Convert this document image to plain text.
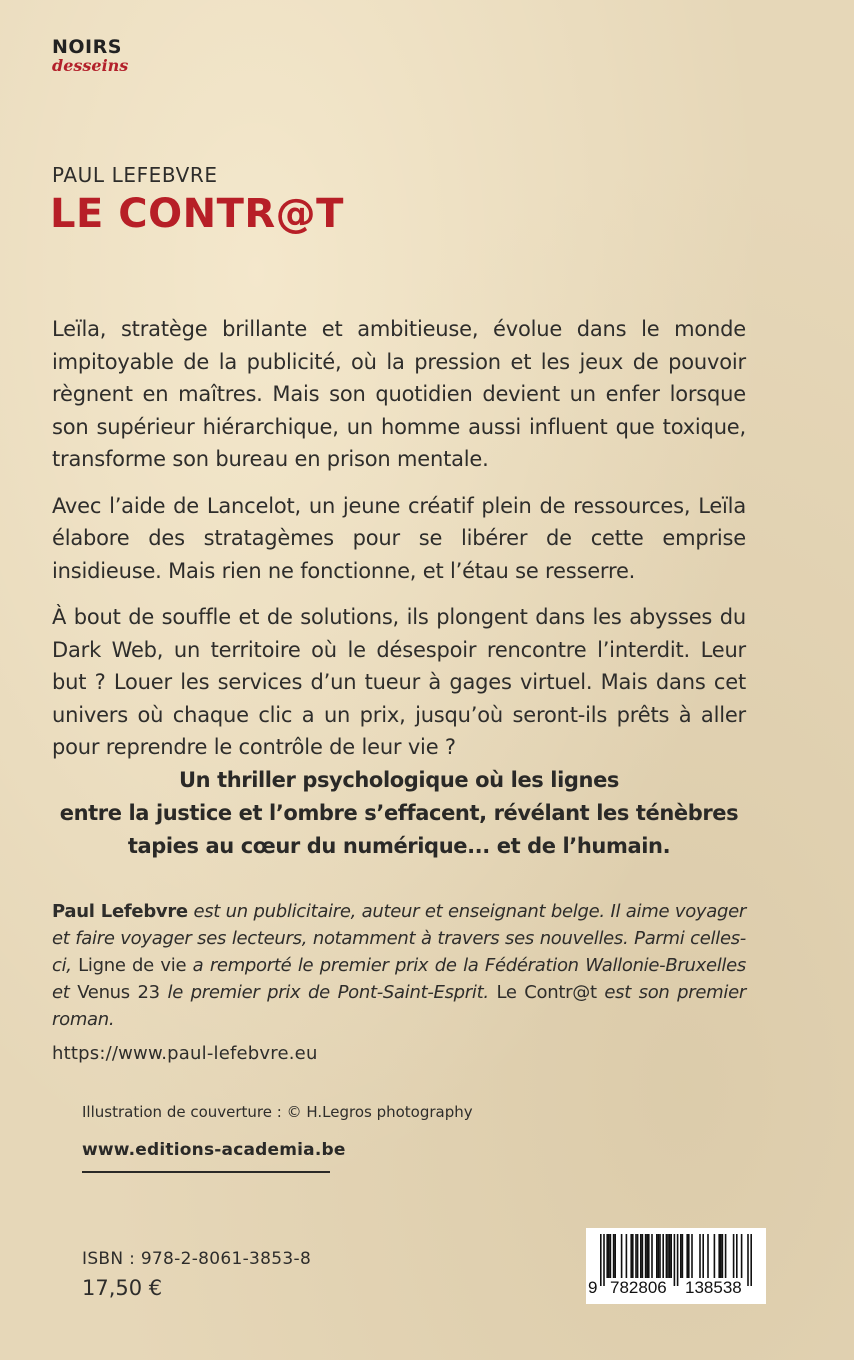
NOIRS
desseins
PAUL LEFEBVRE
LE CONTR@T

Leïla, stratège brillante et ambitieuse, évolue dans le monde impitoyable de la publicité, où la pression et les jeux de pouvoir règnent en maîtres. Mais son quotidien devient un enfer lorsque son supérieur hiérarchique, un homme aussi influent que toxique, transforme son bureau en prison mentale.

Avec l’aide de Lancelot, un jeune créatif plein de ressources, Leïla élabore des stratagèmes pour se libérer de cette emprise insidieuse. Mais rien ne fonctionne, et l’étau se resserre.

À bout de souffle et de solutions, ils plongent dans les abysses du Dark Web, un territoire où le désespoir rencontre l’interdit. Leur but ? Louer les services d’un tueur à gages virtuel. Mais dans cet univers où chaque clic a un prix, jusqu’où seront-ils prêts à aller pour reprendre le contrôle de leur vie ?

Un thriller psychologique où les lignes
entre la justice et l’ombre s’effacent, révélant les ténèbres
tapies au cœur du numérique... et de l’humain.
Paul Lefebvre est un publicitaire, auteur et enseignant belge. Il aime voyager et faire voyager ses lecteurs, notamment à travers ses nouvelles. Parmi celles-ci, Ligne de vie a remporté le premier prix de la Fédération Wallonie-Bruxelles et Venus 23 le premier prix de Pont-Saint-Esprit. Le Contr@t est son premier roman.
https://www.paul-lefebvre.eu
Illustration de couverture : © H.Legros photography
www.editions-academia.be
ISBN : 978-2-8061-3853-8
17,50 €	9 782806 138538
